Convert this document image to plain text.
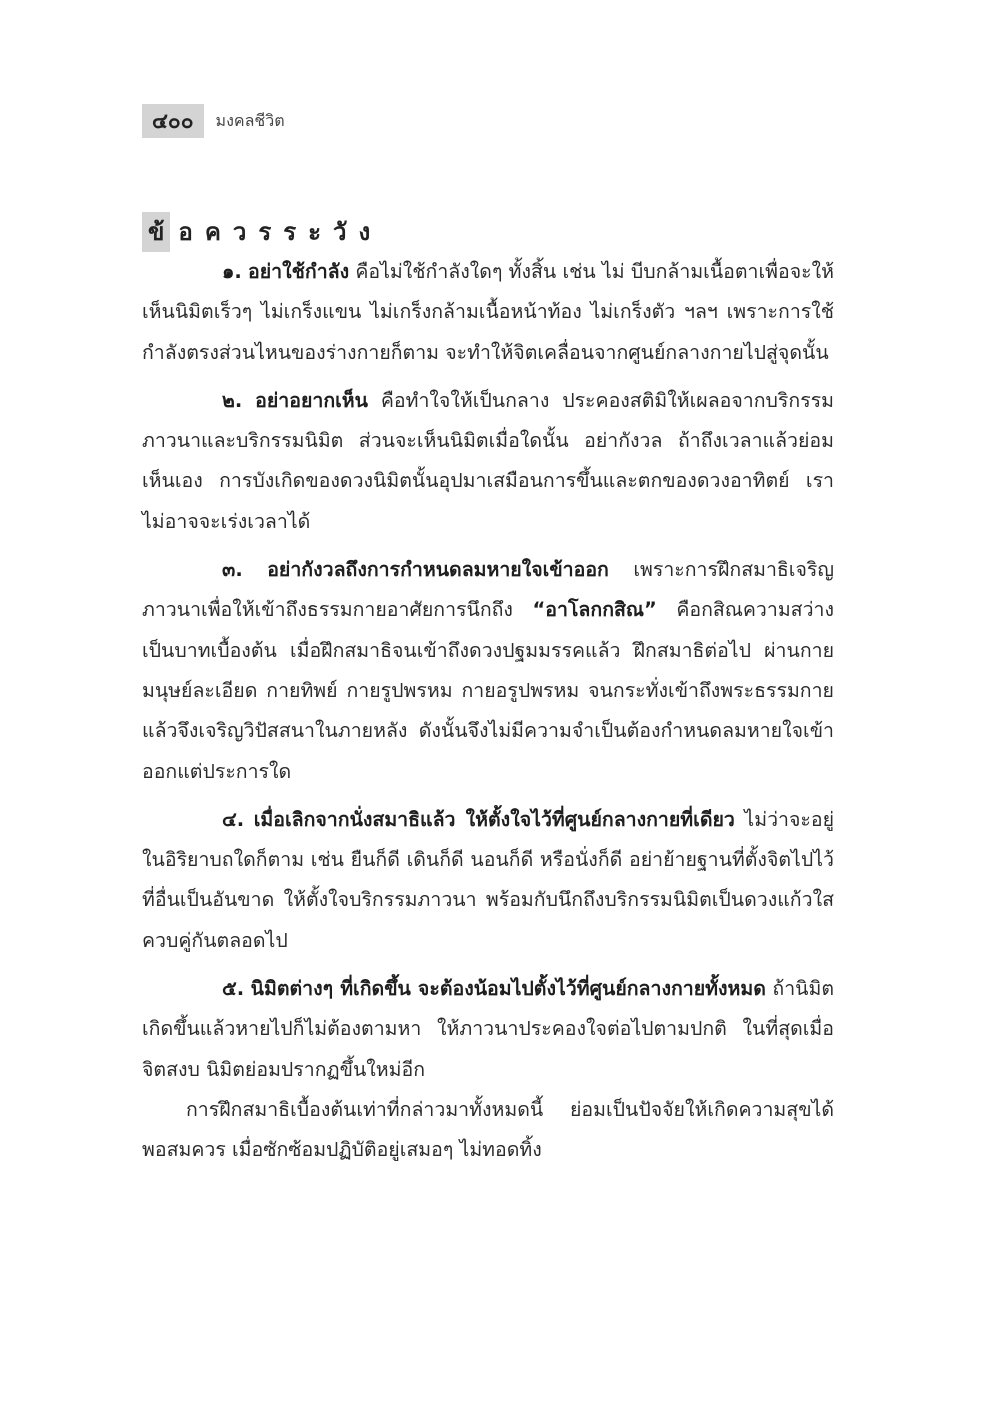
๔๐๐	มงคลชีวิต
ข้ อควรระวัง

๑. อย่าใช้กำลัง คือไม่ใช้กำลังใดๆ ทั้งสิ้น เช่น ไม่ บีบกล้ามเนื้อตาเพื่อจะให้เห็นนิมิตเร็วๆ ไม่เกร็งแขน ไม่เกร็งกล้ามเนื้อหน้าท้อง ไม่เกร็งตัว ฯลฯ เพราะการใช้กำลังตรงส่วนไหนของร่างกายก็ตาม จะทำให้จิตเคลื่อนจากศูนย์กลางกายไปสู่จุดนั้น

๒. อย่าอยากเห็น คือทำใจให้เป็นกลาง ประคองสติมิให้เผลอจากบริกรรมภาวนาและบริกรรมนิมิต ส่วนจะเห็นนิมิตเมื่อใดนั้น อย่ากังวล ถ้าถึงเวลาแล้วย่อมเห็นเอง การบังเกิดของดวงนิมิตนั้นอุปมาเสมือนการขึ้นและตกของดวงอาทิตย์ เราไม่อาจจะเร่งเวลาได้

๓. อย่ากังวลถึงการกำหนดลมหายใจเข้าออก เพราะการฝึกสมาธิเจริญภาวนาเพื่อให้เข้าถึงธรรมกายอาศัยการนึกถึง “อาโลกกสิณ” คือกสิณความสว่างเป็นบาทเบื้องต้น เมื่อฝึกสมาธิจนเข้าถึงดวงปฐมมรรคแล้ว ฝึกสมาธิต่อไป ผ่านกายมนุษย์ละเอียด กายทิพย์ กายรูปพรหม กายอรูปพรหม จนกระทั่งเข้าถึงพระธรรมกายแล้วจึงเจริญวิปัสสนาในภายหลัง ดังนั้นจึงไม่มีความจำเป็นต้องกำหนดลมหายใจเข้าออกแต่ประการใด

๔. เมื่อเลิกจากนั่งสมาธิแล้ว ให้ตั้งใจไว้ที่ศูนย์กลางกายที่เดียว ไม่ว่าจะอยู่ในอิริยาบถใดก็ตาม เช่น ยืนก็ดี เดินก็ดี นอนก็ดี หรือนั่งก็ดี อย่าย้ายฐานที่ตั้งจิตไปไว้ที่อื่นเป็นอันขาด ให้ตั้งใจบริกรรมภาวนา พร้อมกับนึกถึงบริกรรมนิมิตเป็นดวงแก้วใสควบคู่กันตลอดไป

๕. นิมิตต่างๆ ที่เกิดขึ้น จะต้องน้อมไปตั้งไว้ที่ศูนย์กลางกายทั้งหมด ถ้านิมิตเกิดขึ้นแล้วหายไปก็ไม่ต้องตามหา ให้ภาวนาประคองใจต่อไปตามปกติ ในที่สุดเมื่อจิตสงบ นิมิตย่อมปรากฏขึ้นใหม่อีก

การฝึกสมาธิเบื้องต้นเท่าที่กล่าวมาทั้งหมดนี้ ย่อมเป็นปัจจัยให้เกิดความสุขได้พอสมควร เมื่อซักซ้อมปฏิบัติอยู่เสมอๆ ไม่ทอดทิ้ง
